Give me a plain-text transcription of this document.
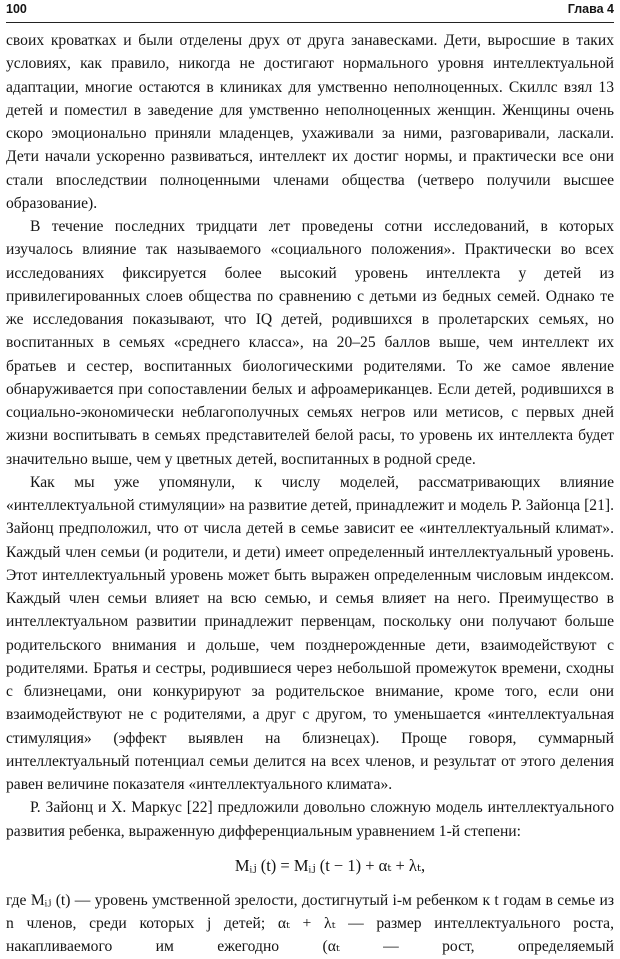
100	Глава 4

своих кроватках и были отделены друх от друга занавесками. Дети, выросшие в таких условиях, как правило, никогда не достигают нормального уровня интеллектуальной адаптации, многие остаются в клиниках для умственно неполноценных. Скиллс взял 13 детей и поместил в заведение для умственно неполноценных женщин. Женщины очень скоро эмоционально приняли младенцев, ухаживали за ними, разговаривали, ласкали. Дети начали ускоренно развиваться, интеллект их достиг нормы, и практически все они стали впоследствии полноценными членами общества (четверо получили высшее образование).

В течение последних тридцати лет проведены сотни исследований, в которых изучалось влияние так называемого «социального положения». Практически во всех исследованиях фиксируется более высокий уровень интеллекта у детей из привилегированных слоев общества по сравнению с детьми из бедных семей. Однако те же исследования показывают, что IQ детей, родившихся в пролетарских семьях, но воспитанных в семьях «среднего класса», на 20–25 баллов выше, чем интеллект их братьев и сестер, воспитанных биологическими родителями. То же самое явление обнаруживается при сопоставлении белых и афроамериканцев. Если детей, родившихся в социально-экономически неблагополучных семьях негров или метисов, с первых дней жизни воспитывать в семьях представителей белой расы, то уровень их интеллекта будет значительно выше, чем у цветных детей, воспитанных в родной среде.

Как мы уже упомянули, к числу моделей, рассматривающих влияние «интеллектуальной стимуляции» на развитие детей, принадлежит и модель Р. Зайонца [21]. Зайонц предположил, что от числа детей в семье зависит ее «интеллектуальный климат». Каждый член семьи (и родители, и дети) имеет определенный интеллектуальный уровень. Этот интеллектуальный уровень может быть выражен определенным числовым индексом. Каждый член семьи влияет на всю семью, и семья влияет на него. Преимущество в интеллектуальном развитии принадлежит первенцам, поскольку они получают больше родительского внимания и дольше, чем позднерожденные дети, взаимодействуют с родителями. Братья и сестры, родившиеся через небольшой промежуток времени, сходны с близнецами, они конкурируют за родительское внимание, кроме того, если они взаимодействуют не с родителями, а друг с другом, то уменьшается «интеллектуальная стимуляция» (эффект выявлен на близнецах). Проще говоря, суммарный интеллектуальный потенциал семьи делится на всех членов, и результат от этого деления равен величине показателя «интеллектуального климата».

Р. Зайонц и Х. Маркус [22] предложили довольно сложную модель интеллектуального развития ребенка, выраженную дифференциальным уравнением 1-й степени:

Mᵢⱼ (t) = Mᵢⱼ (t − 1) + αₜ + λₜ,

где Mᵢⱼ (t) — уровень умственной зрелости, достигнутый i-м ребенком к t годам в семье из n членов, среди которых j детей; αₜ + λₜ — размер интеллектуального роста, накапливаемого им ежегодно (αₜ — рост, определяемый
